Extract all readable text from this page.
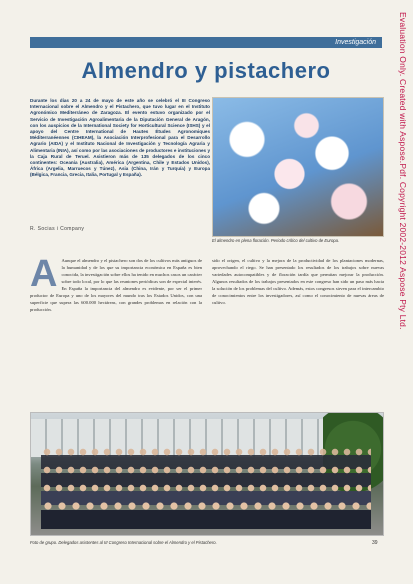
Investigación
Almendro y pistachero
Durante los días 20 a 24 de mayo de este año se celebró el III Congreso Internacional sobre el Almendro y el Pistachero, que tuvo lugar en el Instituto Agronómico Mediterráneo de Zaragoza. El evento estuvo organizado por el Servicio de Investigación Agroalimentaria de la Diputación General de Aragón, con los auspicios de la International Society for Horticultural Science (ISHS) y el apoyo del Centre International de Hautes Études Agronomiques Méditerranéennes (CIHEAM), la Asociación Interprofesional para el Desarrollo Agrario (AIDA) y el Instituto Nacional de Investigación y Tecnología Agraria y Alimentaria (INIA), así como por las asociaciones de productores e instituciones y la Caja Rural de Teruel. Asistieron más de 135 delegados de los cinco continentes: Oceanía (Australia), América (Argentina, Chile y Estados Unidos), África (Argelia, Marruecos y Túnez), Asia (China, Irán y Turquía) y Europa (Bélgica, Francia, Grecia, Italia, Portugal y España).
R. Socias i Company
El almendro en plena floración. Periodo crítico del cultivo de Europa.
A Aunque el almendro y el pistachero son dos de los cultivos más antiguos de la humanidad y de los que su importancia económica en España es bien conocida, la investigación sobre ellos ha tenido en muchos casos un carácter sobre todo local, por lo que las reuniones periódicas son de especial interés. En España la importancia del almendro es evidente, por ser el primer productor de Europa y uno de los mayores del mundo tras los Estados Unidos, con una superficie que supera las 600.000 hectáreas, con grandes problemas en relación con la producción.
sido el origen, el cultivo y la mejora de la productividad de los plantaciones modernas, aprovechando el riego. Se han presentado los resultados de los trabajos sobre nuevas variedades autocompatibles y de floración tardía que permitan mejorar la producción. Algunos resultados de los trabajos presentados en este congreso han sido un paso más hacia la solución de los problemas del cultivo. Además, estos congresos sirven para el intercambio de conocimientos entre los investigadores, así como el conocimiento de nuevas áreas de cultivo.
Foto de grupo. Delegados asistentes al III Congreso Internacional sobre el Almendro y el Pistachero.	39
Evaluation Only. Created with Aspose.Pdf. Copyright 2002-2012 Aspose Pty Ltd.
